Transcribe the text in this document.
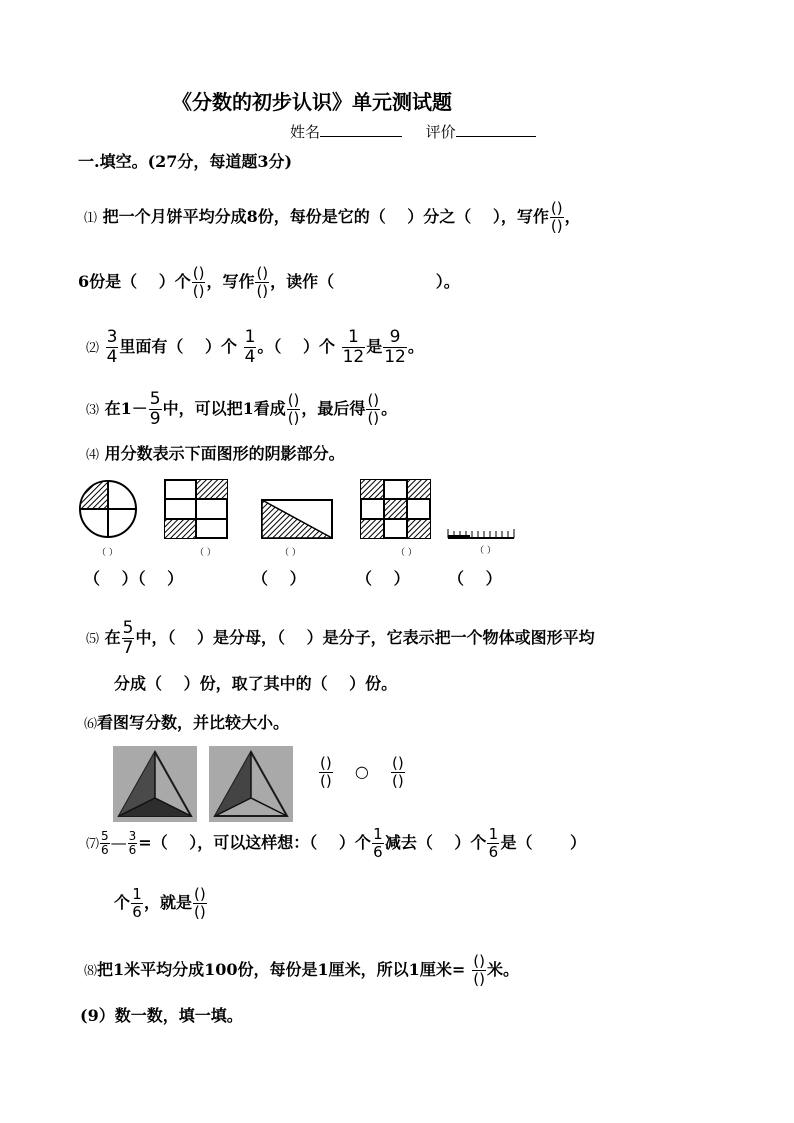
《分数的初步认识》单元测试题
姓名	评价
一.填空。(27分，每道题3分)
⑴ 把一个月饼平均分成8份，每份是它的（　 ）分之（　 ），写作 $\frac{()}{()}$ ，
6份是（　 ）个 $\frac{()}{()}$ ，写作 $\frac{()}{()}$ ，读作（　　　　　　 ）。
⑵ $\frac{3}{4}$ 里面有（　 ）个 $\frac{1}{4}$ 。（　 ）个 $\frac{1}{12}$ 是 $\frac{9}{12}$ 。
⑶ 在$1- \frac{5}{9}$ 中，可以把1看成 $\frac{()}{()}$ ，最后得 $\frac{()}{()}$ 。
⑷ 用分数表示下面图形的阴影部分。
（ ）	（ ）	（ ）	（ ）	（ ）
（　 ）（　 ）	（　 ）	（　 ） （　 ）
⑸ 在 $\frac{5}{7}$ 中，（　 ）是分母，（　 ）是分子，它表示把一个物体或图形平均
分成（　 ）份，取了其中的（　 ）份。
⑹看图写分数，并比较大小。
$\frac{()}{()}$ ○ $\frac{()}{()}$
⑺ $\frac{5}{6}$ — $\frac{3}{6}$ =（　 ），可以这样想：（　 ）个 $\frac{1}{6}$ 减去（　 ）个 $\frac{1}{6}$ 是（　　 ）
个 $\frac{1}{6}$ ，就是 $\frac{()}{()}$
⑻把1米平均分成100份，每份是1厘米，所以1厘米= $\frac{()}{()}$ 米。
(9）数一数，填一填。
